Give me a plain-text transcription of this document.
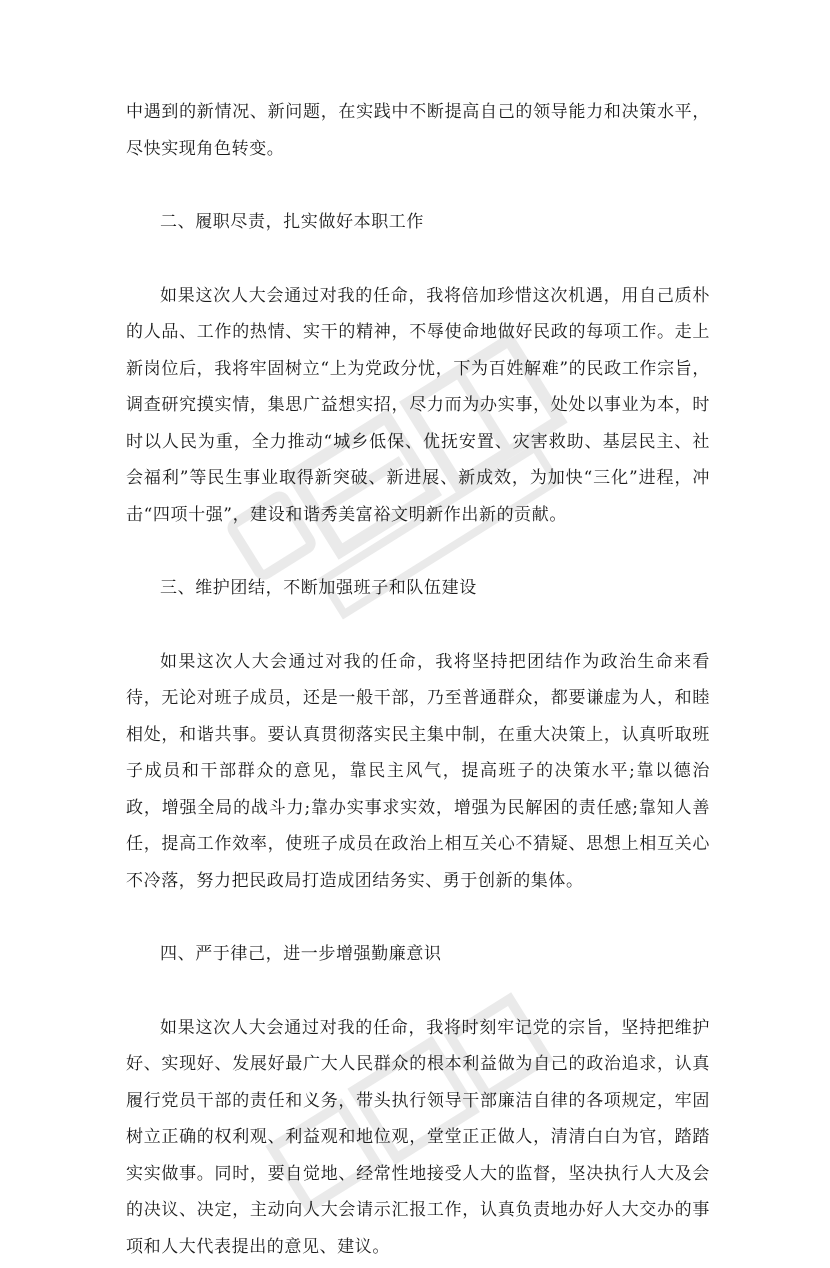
中遇到的新情况、新问题，在实践中不断提高自己的领导能力和决策水平，尽快实现角色转变。

二、履职尽责，扎实做好本职工作

如果这次人大会通过对我的任命，我将倍加珍惜这次机遇，用自己质朴的人品、工作的热情、实干的精神，不辱使命地做好民政的每项工作。走上新岗位后，我将牢固树立“上为党政分忧，下为百姓解难”的民政工作宗旨，调查研究摸实情，集思广益想实招，尽力而为办实事，处处以事业为本，时时以人民为重，全力推动“城乡低保、优抚安置、灾害救助、基层民主、社会福利”等民生事业取得新突破、新进展、新成效，为加快“三化”进程，冲击“四项十强”，建设和谐秀美富裕文明新作出新的贡献。

三、维护团结，不断加强班子和队伍建设

如果这次人大会通过对我的任命，我将坚持把团结作为政治生命来看待，无论对班子成员，还是一般干部，乃至普通群众，都要谦虚为人，和睦相处，和谐共事。要认真贯彻落实民主集中制，在重大决策上，认真听取班子成员和干部群众的意见，靠民主风气，提高班子的决策水平;靠以德治政，增强全局的战斗力;靠办实事求实效，增强为民解困的责任感;靠知人善任，提高工作效率，使班子成员在政治上相互关心不猜疑、思想上相互关心不冷落，努力把民政局打造成团结务实、勇于创新的集体。

四、严于律己，进一步增强勤廉意识

如果这次人大会通过对我的任命，我将时刻牢记党的宗旨，坚持把维护好、实现好、发展好最广大人民群众的根本利益做为自己的政治追求，认真履行党员干部的责任和义务，带头执行领导干部廉洁自律的各项规定，牢固树立正确的权利观、利益观和地位观，堂堂正正做人，清清白白为官，踏踏实实做事。同时，要自觉地、经常性地接受人大的监督，坚决执行人大及会的决议、决定，主动向人大会请示汇报工作，认真负责地办好人大交办的事项和人大代表提出的意见、建议。
